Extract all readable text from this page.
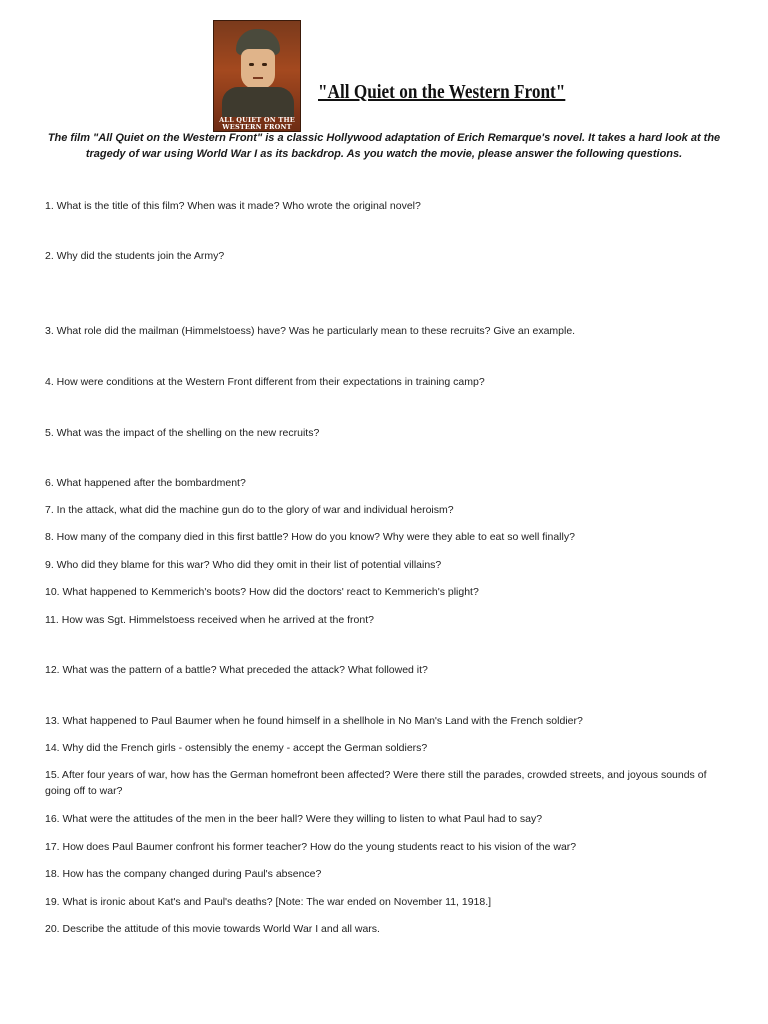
ALL QUIET ON THE WESTERN FRONT
"All Quiet on the Western Front"

The film "All Quiet on the Western Front" is a classic Hollywood adaptation of Erich Remarque's novel. It takes a hard look at the tragedy of war using World War I as its backdrop. As you watch the movie, please answer the following questions.

1. What is the title of this film? When was it made? Who wrote the original novel?

2. Why did the students join the Army?

3. What role did the mailman (Himmelstoess) have? Was he particularly mean to these recruits? Give an example.

4. How were conditions at the Western Front different from their expectations in training camp?

5. What was the impact of the shelling on the new recruits?

6. What happened after the bombardment?

7. In the attack, what did the machine gun do to the glory of war and individual heroism?

8. How many of the company died in this first battle? How do you know? Why were they able to eat so well finally?

9. Who did they blame for this war? Who did they omit in their list of potential villains?

10. What happened to Kemmerich's boots? How did the doctors' react to Kemmerich's plight?

11. How was Sgt. Himmelstoess received when he arrived at the front?

12. What was the pattern of a battle? What preceded the attack? What followed it?

13. What happened to Paul Baumer when he found himself in a shellhole in No Man's Land with the French soldier?

14. Why did the French girls - ostensibly the enemy - accept the German soldiers?

15. After four years of war, how has the German homefront been affected? Were there still the parades, crowded streets, and joyous sounds of going off to war?

16. What were the attitudes of the men in the beer hall? Were they willing to listen to what Paul had to say?

17. How does Paul Baumer confront his former teacher? How do the young students react to his vision of the war?

18. How has the company changed during Paul's absence?

19. What is ironic about Kat's and Paul's deaths? [Note: The war ended on November 11, 1918.]

20. Describe the attitude of this movie towards World War I and all wars.
